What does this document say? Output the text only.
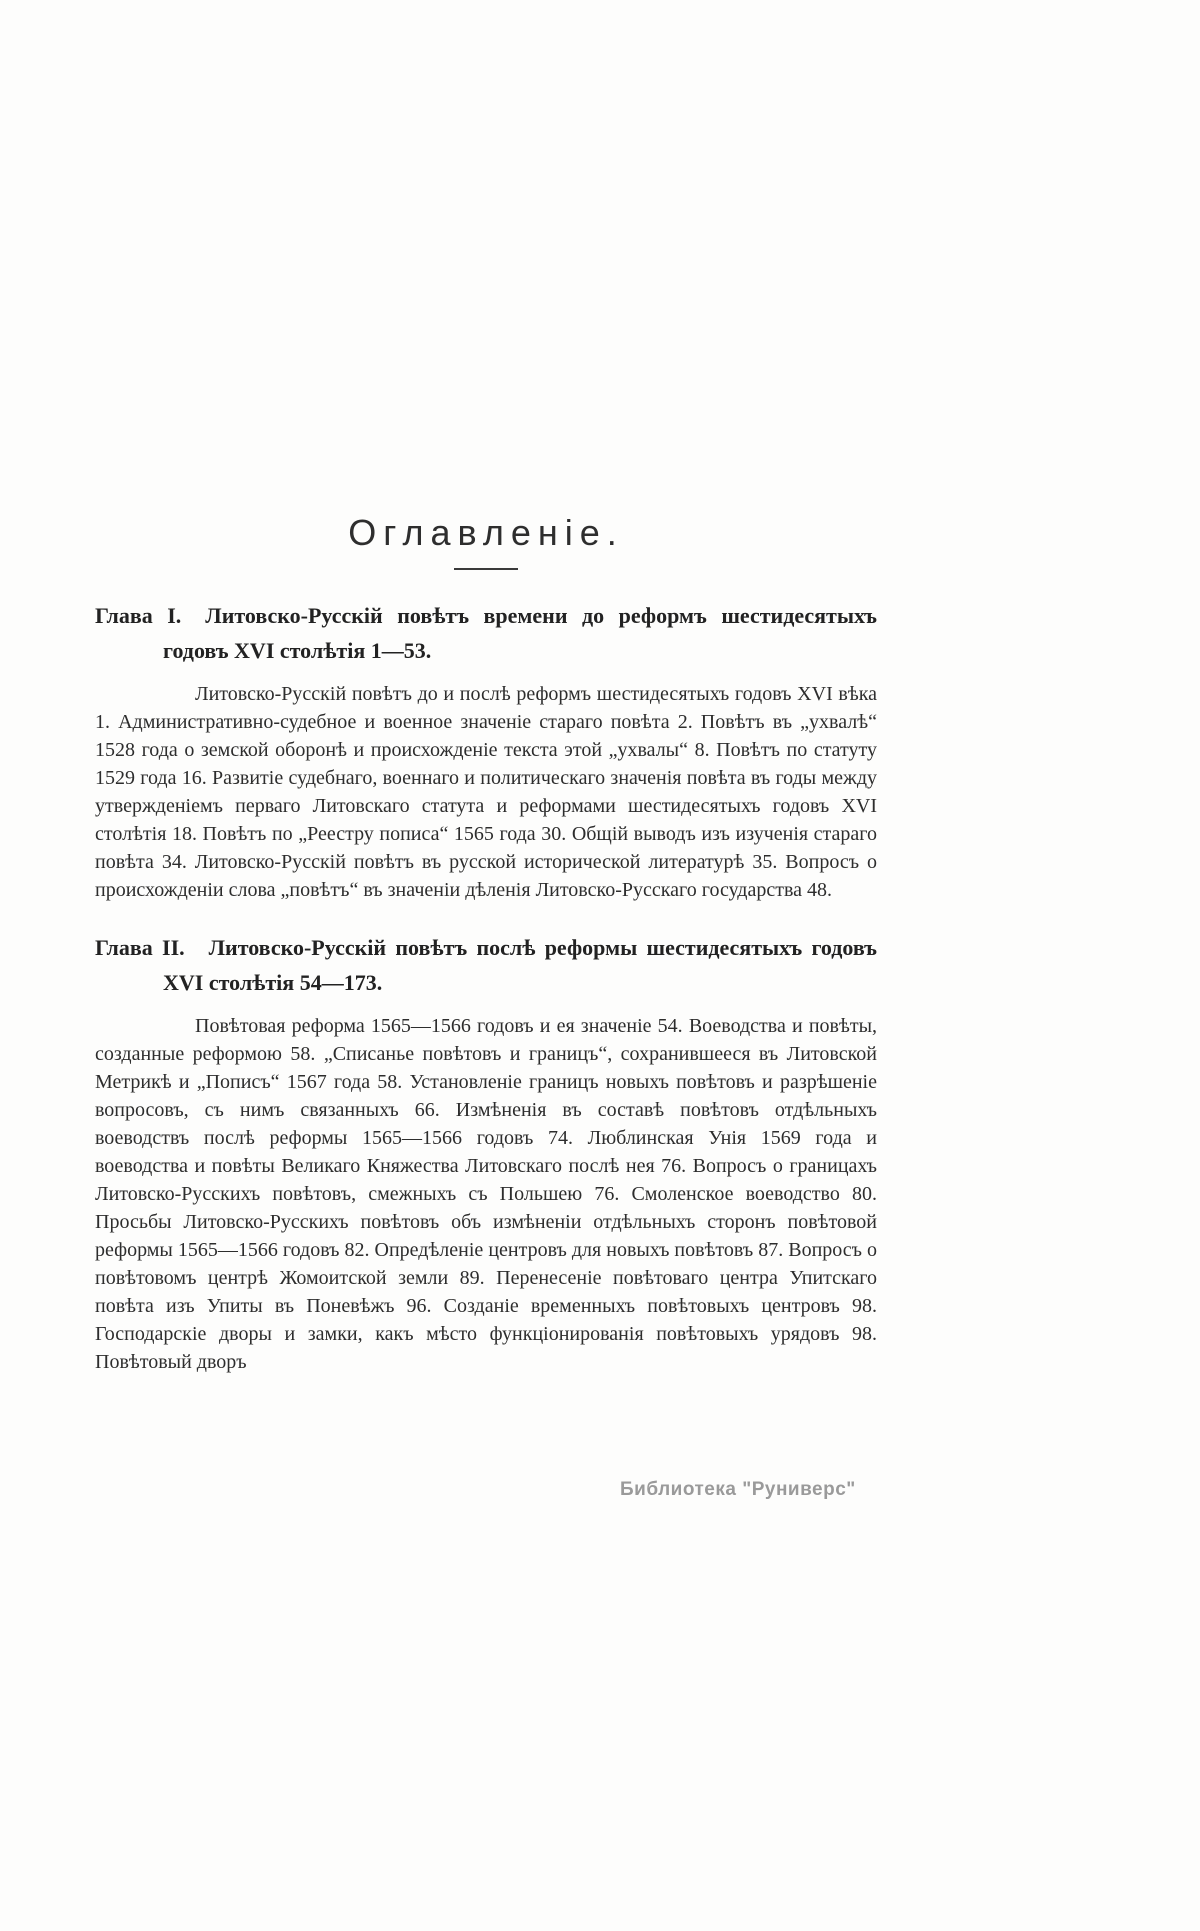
Оглавленіе.
Глава I. Литовско-Русскій повѣтъ времени до реформъ шестидесятыхъ годовъ XVI столѣтія 1—53.

Литовско-Русскій повѣтъ до и послѣ реформъ шестидесятыхъ годовъ XVI вѣка 1. Административно-судебное и военное значеніе стараго повѣта 2. Повѣтъ въ „ухвалѣ“ 1528 года о земской оборонѣ и происхожденіе текста этой „ухвалы“ 8. Повѣтъ по статуту 1529 года 16. Развитіе судебнаго, военнаго и политическаго значенія повѣта въ годы между утвержденіемъ перваго Литовскаго статута и реформами шестидесятыхъ годовъ XVI столѣтія 18. Повѣтъ по „Реестру пописа“ 1565 года 30. Общій выводъ изъ изученія стараго повѣта 34. Литовско-Русскій повѣтъ въ русской исторической литературѣ 35. Вопросъ о происхожденіи слова „повѣтъ“ въ значеніи дѣленія Литовско-Русскаго государства 48.

Глава II. Литовско-Русскій повѣтъ послѣ реформы шестидесятыхъ годовъ XVI столѣтія 54—173.

Повѣтовая реформа 1565—1566 годовъ и ея значеніе 54. Воеводства и повѣты, созданные реформою 58. „Списанье повѣтовъ и границъ“, сохранившееся въ Литовской Метрикѣ и „Пописъ“ 1567 года 58. Установленіе границъ новыхъ повѣтовъ и разрѣшеніе вопросовъ, съ нимъ связанныхъ 66. Измѣненія въ составѣ повѣтовъ отдѣльныхъ воеводствъ послѣ реформы 1565—1566 годовъ 74. Люблинская Унія 1569 года и воеводства и повѣты Великаго Княжества Литовскаго послѣ нея 76. Вопросъ о границахъ Литовско-Русскихъ повѣтовъ, смежныхъ съ Польшею 76. Смоленское воеводство 80. Просьбы Литовско-Русскихъ повѣтовъ объ измѣненіи отдѣльныхъ сторонъ повѣтовой реформы 1565—1566 годовъ 82. Опредѣленіе центровъ для новыхъ повѣтовъ 87. Вопросъ о повѣтовомъ центрѣ Жомоитской земли 89. Перенесеніе повѣтоваго центра Упитскаго повѣта изъ Упиты въ Поневѣжъ 96. Созданіе временныхъ повѣтовыхъ центровъ 98. Господарскіе дворы и замки, какъ мѣсто функціонированія повѣтовыхъ урядовъ 98. Повѣтовый дворъ

Библиотека "Руниверс"
